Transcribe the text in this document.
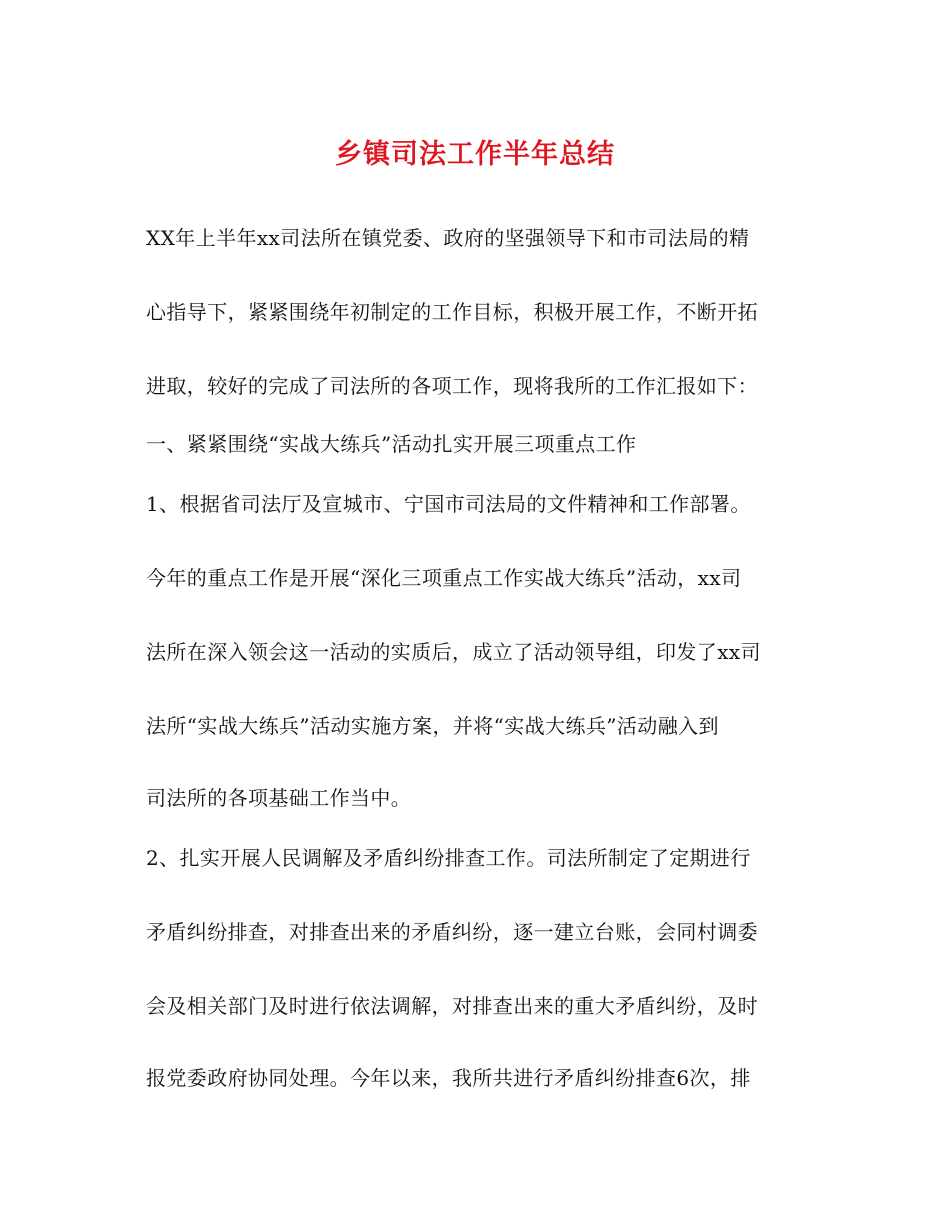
乡镇司法工作半年总结
XX年上半年xx司法所在镇党委、政府的坚强领导下和市司法局的精
心指导下，紧紧围绕年初制定的工作目标，积极开展工作，不断开拓
进取，较好的完成了司法所的各项工作，现将我所的工作汇报如下：
一、紧紧围绕“实战大练兵”活动扎实开展三项重点工作
1、根据省司法厅及宣城市、宁国市司法局的文件精神和工作部署。
今年的重点工作是开展“深化三项重点工作实战大练兵”活动，xx司
法所在深入领会这一活动的实质后，成立了活动领导组，印发了xx司
法所“实战大练兵”活动实施方案，并将“实战大练兵”活动融入到
司法所的各项基础工作当中。
2、扎实开展人民调解及矛盾纠纷排查工作。司法所制定了定期进行
矛盾纠纷排查，对排查出来的矛盾纠纷，逐一建立台账，会同村调委
会及相关部门及时进行依法调解，对排查出来的重大矛盾纠纷，及时
报党委政府协同处理。今年以来，我所共进行矛盾纠纷排查6次，排
